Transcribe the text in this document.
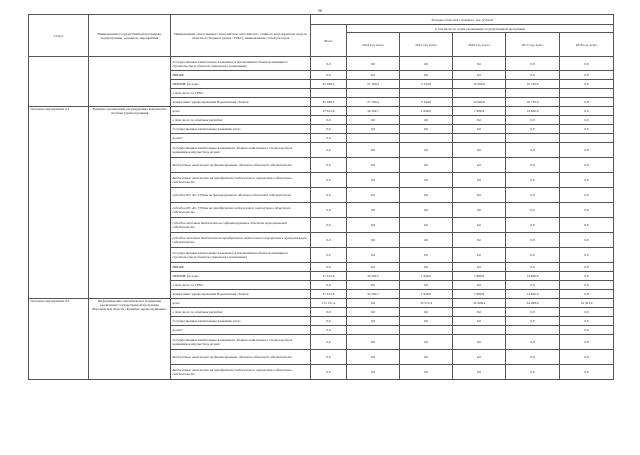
56
Статус	Наименование государственной программы, подпрограммы, основного мероприятия	Наименование ответственного исполнителя, исполнителя - главного распорядителя средств областного бюджета (далее - ГРБС), наименование статей расходов	Расходы областного бюджета, тыс. рублей					
			Всего	в том числе по годам реализации государственной программы				
				2014 год, всего	2015 год, всего	2016 год, всего	2017 год, всего	2018 год, всего
		Государственные капитальные вложения (за исключением объектов жилищного строительства и объектов социального назначения)	0,0	0,0	0,0	0,0	0,0	0,0
		НИОКР	0,0	0,0	0,0	0,0	0,0	0,0
		ПРОЧИЕ расходы	65 268,2	27 199,2	3 344,0	14 994,9	19 730,0	0,0
		в том числе по ГРБС:						
		департамент здравоохранения Воронежской области	65 268,2	27 199,2	3 344,0	14 994,9	19 730,0	0,0
Основное мероприятие 9.2	Развитие организаций, регулирующих компоненты системы здравоохранения	всего	37 613,6	34 592,7	1 640,0	7 980,9	14 820,0	0,0
		в том числе по статьям расходов:	0,0	0,0	0,0	0,0	0,0	0,0
		Государственные капитальные вложения, всего	0,0	0,0	0,0	0,0	0,0	0,0
		из них:	0,0					
		Государственные капитальные вложения (в объекты капитального строительства и недвижимое имущество), из них:	0,0	0,0	0,0	0,0	0,0	0,0
		Бюджетные инвестиции на финансирование объектов областной собственности	0,0	0,0	0,0	0,0	0,0	0,0
		Бюджетные инвестиции на приобретение недвижимого имущества в областную собственность	0,0	0,0	0,0	0,0	0,0	0,0
		субсидии БУ, АУ, ГУПам на финансирование объектов областной собственности	0,0	0,0	0,0	0,0	0,0	0,0
		субсидии БУ, АУ, ГУПам на приобретение недвижимого имущества в областную собственность	0,0	0,0	0,0	0,0	0,0	0,0
		субсидии местным бюджетам на софинансирование объектов муниципальной собственности	0,0	0,0	0,0	0,0	0,0	0,0
		субсидии местным бюджетам на приобретение недвижимого имущества в муниципальную собственность	0,0	0,0	0,0	0,0	0,0	0,0
		Государственные капитальные вложения (за исключением объектов жилищного строительства и объектов социального назначения)	0,0	0,0	0,0	0,0	0,0	0,0
		НИОКР	0,0	0,0	0,0	0,0	0,0	0,0
		ПРОЧИЕ расходы	37 613,6	34 592,7	1 640,0	7 980,9	14 820,0	0,0
		в том числе по ГРБС:	0,0	0,0	0,0	0,0	0,0	0,0
		департамент здравоохранения Воронежской области	37 613,6	34 592,7	1 640,0	7 980,9	14 820,0	0,0
Основное мероприятие 9.3	Информационно-аналитическое поддержки реализации государственной программы Воронежской области «Развитие здравоохранения»	всего	172 151,4	0,0	33 572,4	34 298,4	34 298,4	34 323,9
		в том числе по статьям расходов:	0,0	0,0	0,0	0,0	0,0	0,0
		Государственные капитальные вложения, всего	0,0	0,0	0,0	0,0	0,0	0,0
		из них:	0,0					0,0
		Государственные капитальные вложения (в объекты капитального строительства и недвижимое имущество), из них:	0,0	0,0	0,0	0,0	0,0	0,0
		Бюджетные инвестиции на финансирование объектов областной собственности	0,0	0,0	0,0	0,0	0,0	0,0
		Бюджетные инвестиции на приобретение недвижимого имущества в областную собственность	0,0	0,0	0,0	0,0	0,0	0,0
